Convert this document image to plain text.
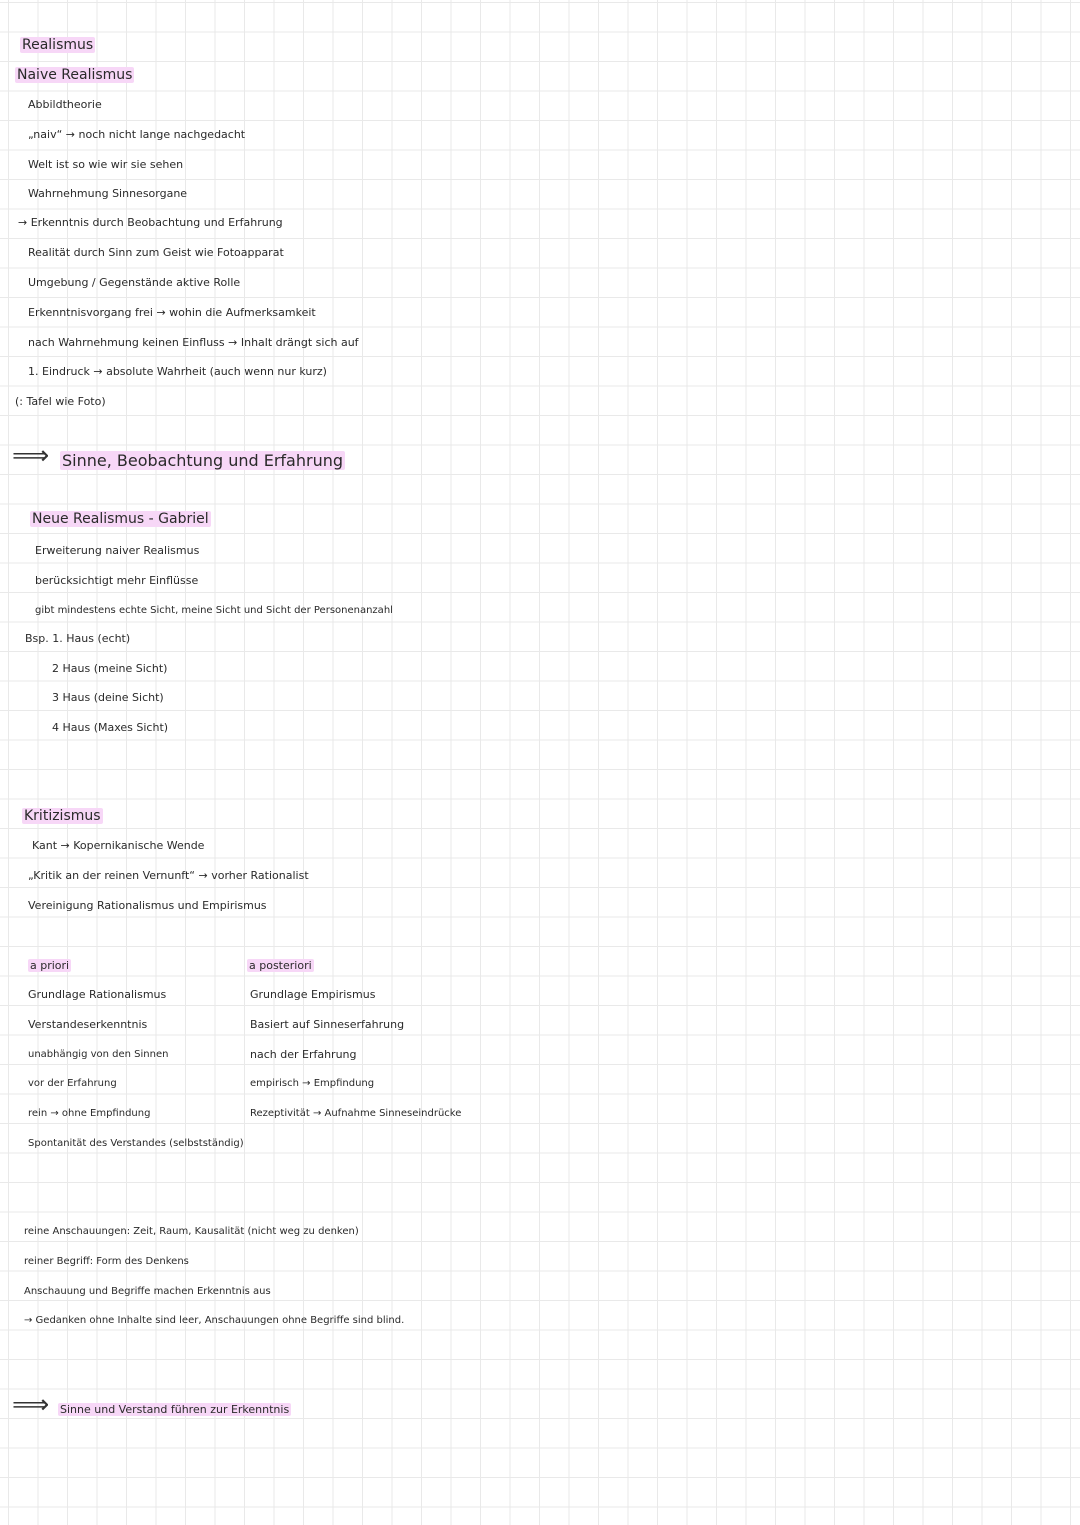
Realismus
Naive Realismus
Abbildtheorie
„naiv“ → noch nicht lange nachgedacht
Welt ist so wie wir sie sehen
Wahrnehmung Sinnesorgane
→ Erkenntnis durch Beobachtung und Erfahrung
Realität durch Sinn zum Geist wie Fotoapparat
Umgebung / Gegenstände aktive Rolle
Erkenntnisvorgang frei → wohin die Aufmerksamkeit
nach Wahrnehmung keinen Einfluss → Inhalt drängt sich auf
1. Eindruck → absolute Wahrheit (auch wenn nur kurz)
(: Tafel wie Foto)
⟹ Sinne, Beobachtung und Erfahrung
Neue Realismus - Gabriel
Erweiterung naiver Realismus
berücksichtigt mehr Einflüsse
gibt mindestens echte Sicht, meine Sicht und Sicht der Personenanzahl
Bsp. 1. Haus (echt)
2 Haus (meine Sicht)
3 Haus (deine Sicht)
4 Haus (Maxes Sicht)
Kritizismus
Kant → Kopernikanische Wende
„Kritik an der reinen Vernunft“ → vorher Rationalist
Vereinigung Rationalismus und Empirismus
a priori
Grundlage Rationalismus
Verstandeserkenntnis
unabhängig von den Sinnen
vor der Erfahrung
rein → ohne Empfindung
Spontanität des Verstandes (selbstständig)
a posteriori
Grundlage Empirismus
Basiert auf Sinneserfahrung
nach der Erfahrung
empirisch → Empfindung
Rezeptivität → Aufnahme Sinneseindrücke
reine Anschauungen: Zeit, Raum, Kausalität (nicht weg zu denken)
reiner Begriff: Form des Denkens
Anschauung und Begriffe machen Erkenntnis aus
→ Gedanken ohne Inhalte sind leer, Anschauungen ohne Begriffe sind blind.
⟹ Sinne und Verstand führen zur Erkenntnis
